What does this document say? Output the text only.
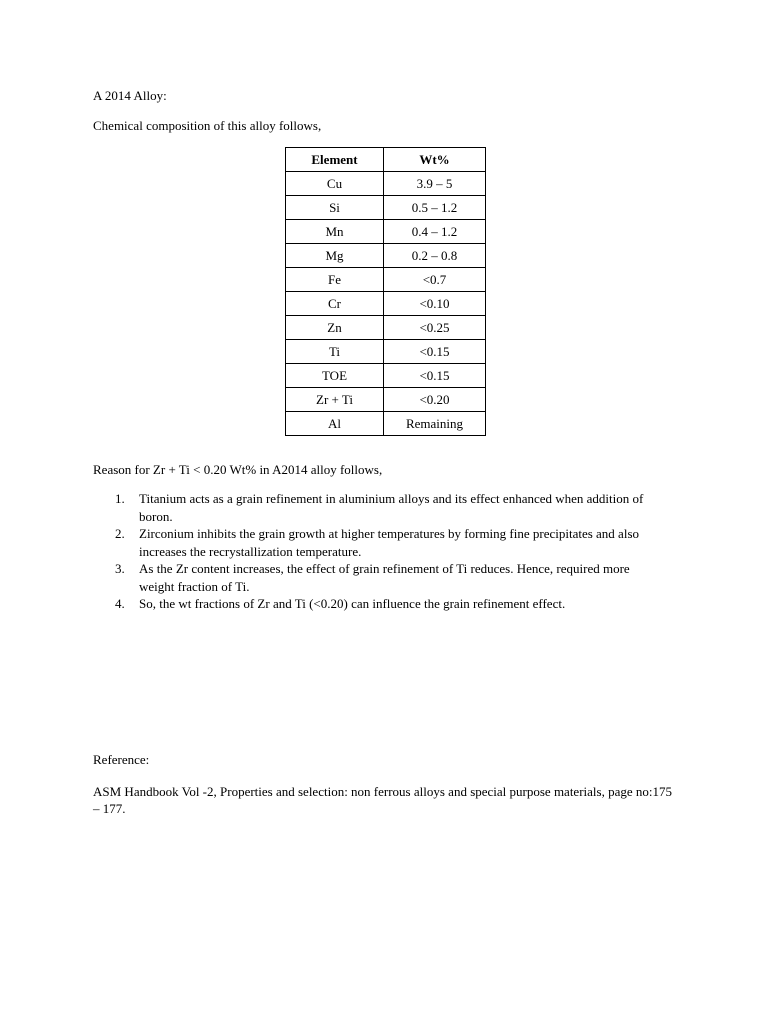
A 2014 Alloy:

Chemical composition of this alloy follows,

Element	Wt%
Cu	3.9 – 5
Si	0.5 – 1.2
Mn	0.4 – 1.2
Mg	0.2 – 0.8
Fe	<0.7
Cr	<0.10
Zn	<0.25
Ti	<0.15
TOE	<0.15
Zr + Ti	<0.20
Al	Remaining

Reason for Zr + Ti < 0.20 Wt% in A2014 alloy follows,

1. Titanium acts as a grain refinement in aluminium alloys and its effect enhanced when addition of boron.
2. Zirconium inhibits the grain growth at higher temperatures by forming fine precipitates and also increases the recrystallization temperature.
3. As the Zr content increases, the effect of grain refinement of Ti reduces. Hence, required more weight fraction of Ti.
4. So, the wt fractions of Zr and Ti (<0.20) can influence the grain refinement effect.

Reference:

ASM Handbook Vol -2, Properties and selection: non ferrous alloys and special purpose materials, page no:175 – 177.
